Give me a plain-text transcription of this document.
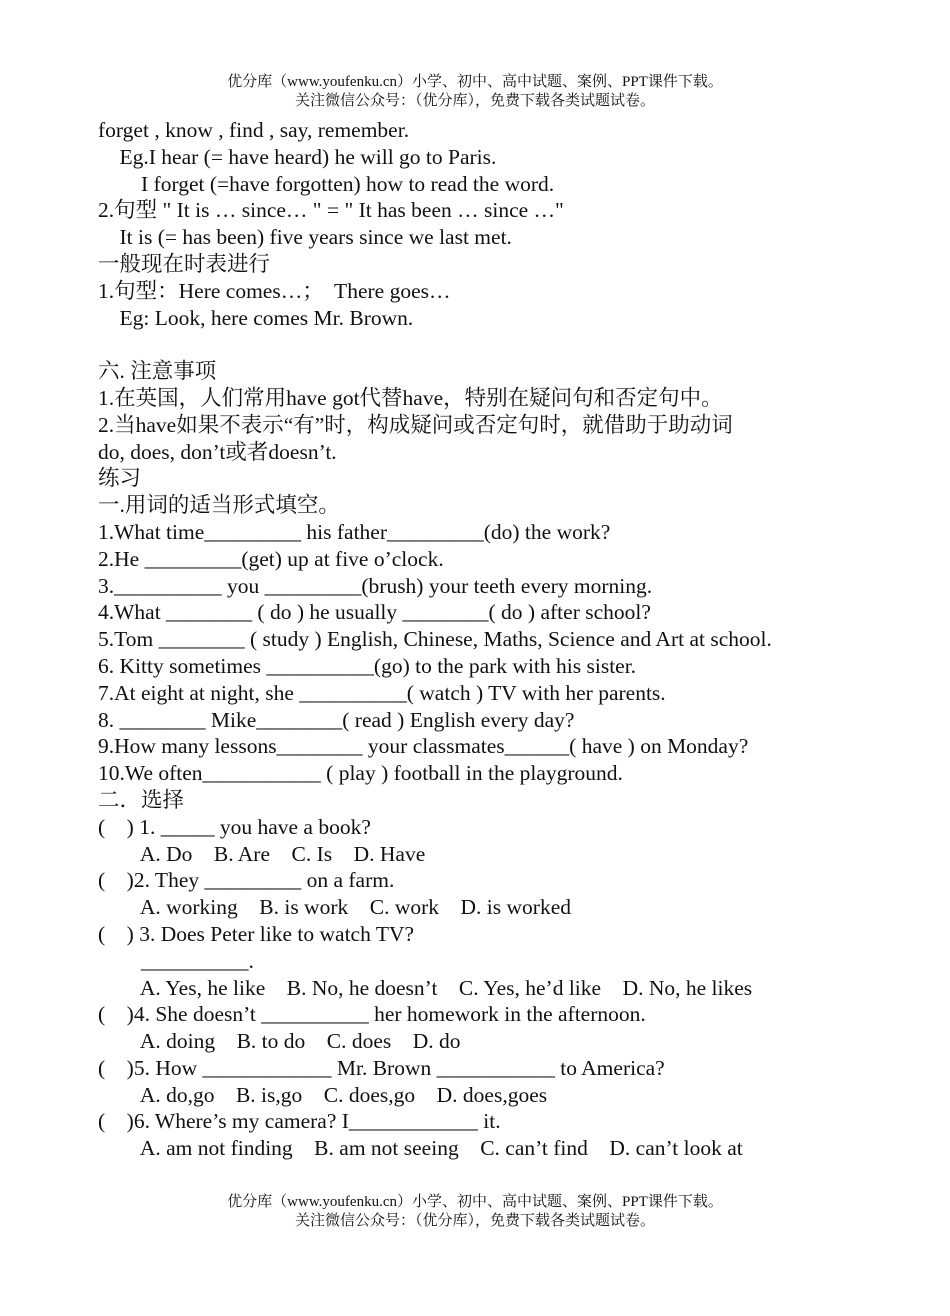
优分库（www.youfenku.cn）小学、初中、高中试题、案例、PPT课件下载。
关注微信公众号：（优分库），免费下载各类试题试卷。
forget , know , find , say, remember.
Eg.I hear (= have heard) he will go to Paris.
I forget (=have forgotten) how to read the word.
2.句型 " It is … since… " = " It has been … since …"
It is (= has been) five years since we last met.
一般现在时表进行
1.句型：Here comes…；  There goes…
Eg: Look, here comes Mr. Brown.
六. 注意事项
1.在英国，人们常用have got代替have，特别在疑问句和否定句中。
2.当have如果不表示“有”时，构成疑问或否定句时，就借助于助动词
do, does, don’t或者doesn’t.
练习
一.用词的适当形式填空。
1.What time_________ his father_________(do) the work?
2.He _________(get) up at five o’clock.
3.__________ you _________(brush) your teeth every morning.
4.What ________ ( do ) he usually ________( do ) after school?
5.Tom ________ ( study ) English, Chinese, Maths, Science and Art at school.
6. Kitty sometimes __________(go) to the park with his sister.
7.At eight at night, she __________( watch ) TV with her parents.
8. ________ Mike________( read ) English every day?
9.How many lessons________ your classmates______( have ) on Monday?
10.We often___________ ( play ) football in the playground.
二．选择
(    ) 1. _____ you have a book?
A. Do    B. Are    C. Is    D. Have
(    )2. They _________ on a farm.
A. working    B. is work    C. work    D. is worked
(    ) 3. Does Peter like to watch TV?
__________.
A. Yes, he like    B. No, he doesn’t    C. Yes, he’d like    D. No, he likes
(    )4. She doesn’t __________ her homework in the afternoon.
A. doing    B. to do    C. does    D. do
(    )5. How ____________ Mr. Brown ___________ to America?
A. do,go    B. is,go    C. does,go    D. does,goes
(    )6. Where’s my camera? I____________ it.
A. am not finding    B. am not seeing    C. can’t find    D. can’t look at
优分库（www.youfenku.cn）小学、初中、高中试题、案例、PPT课件下载。
关注微信公众号：（优分库），免费下载各类试题试卷。
